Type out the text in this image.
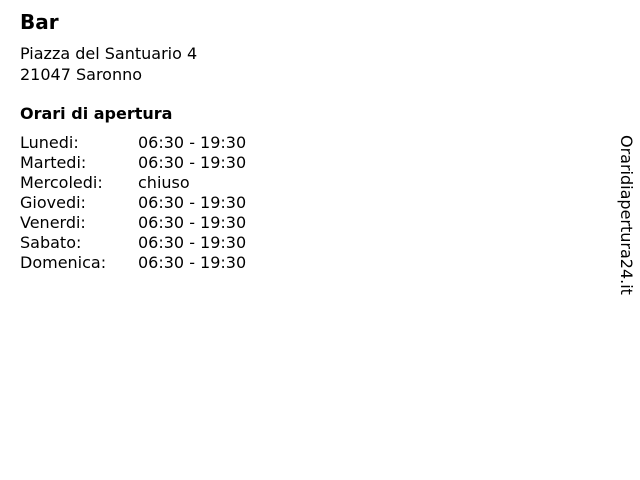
Bar
Piazza del Santuario 4
21047 Saronno
Orari di apertura
Lunedi:	06:30 - 19:30
Martedi:	06:30 - 19:30
Mercoledi:	chiuso
Giovedi:	06:30 - 19:30
Venerdi:	06:30 - 19:30
Sabato:	06:30 - 19:30
Domenica:	06:30 - 19:30	Oraridiapertura24.it
